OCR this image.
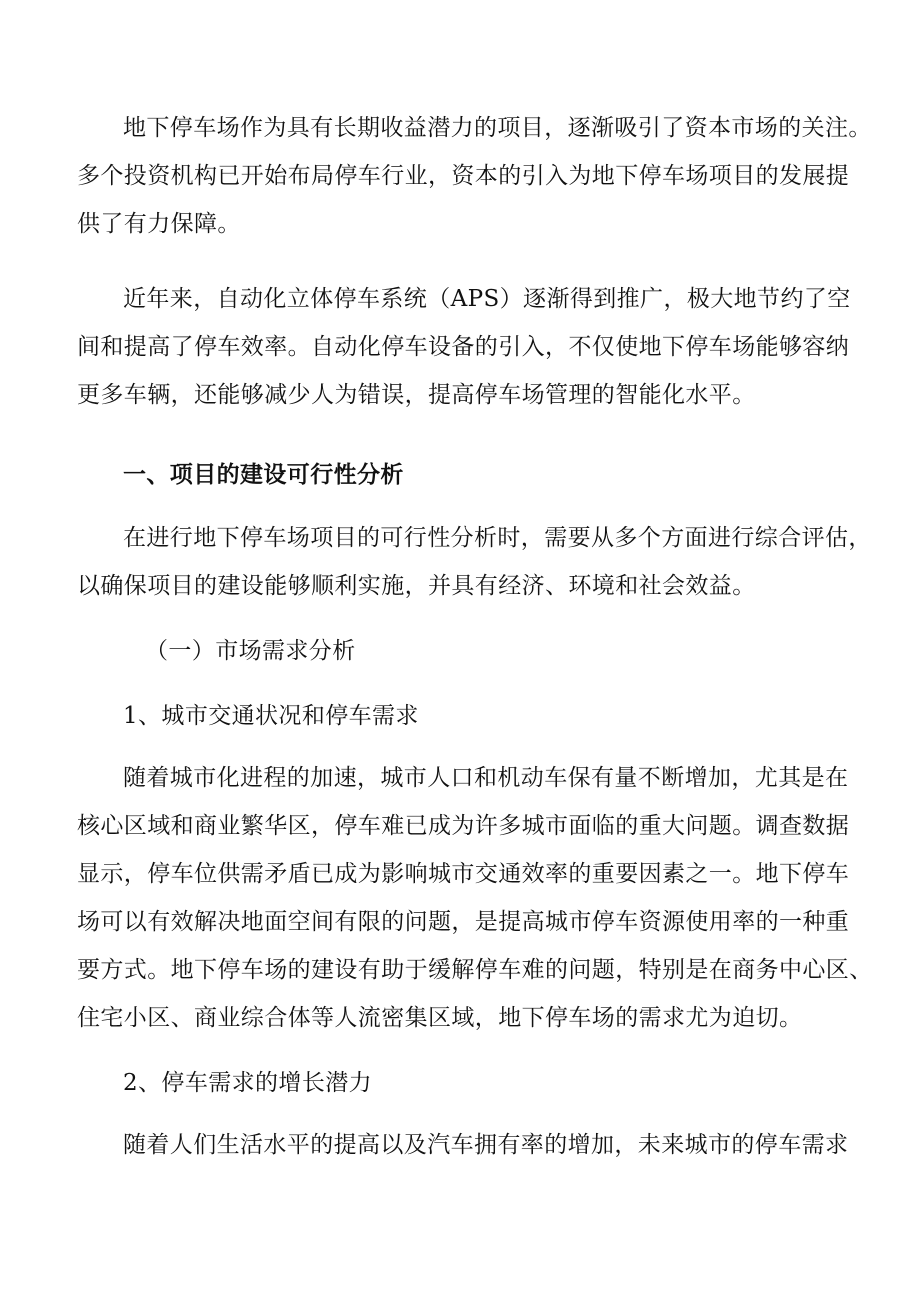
地下停车场作为具有长期收益潜力的项目，逐渐吸引了资本市场的关注。
多个投资机构已开始布局停车行业，资本的引入为地下停车场项目的发展提
供了有力保障。
近年来，自动化立体停车系统（APS）逐渐得到推广，极大地节约了空
间和提高了停车效率。自动化停车设备的引入，不仅使地下停车场能够容纳
更多车辆，还能够减少人为错误，提高停车场管理的智能化水平。
一、项目的建设可行性分析
在进行地下停车场项目的可行性分析时，需要从多个方面进行综合评估，
以确保项目的建设能够顺利实施，并具有经济、环境和社会效益。
（一）市场需求分析
1、城市交通状况和停车需求
随着城市化进程的加速，城市人口和机动车保有量不断增加，尤其是在
核心区域和商业繁华区，停车难已成为许多城市面临的重大问题。调查数据
显示，停车位供需矛盾已成为影响城市交通效率的重要因素之一。地下停车
场可以有效解决地面空间有限的问题，是提高城市停车资源使用率的一种重
要方式。地下停车场的建设有助于缓解停车难的问题，特别是在商务中心区、
住宅小区、商业综合体等人流密集区域，地下停车场的需求尤为迫切。
2、停车需求的增长潜力
随着人们生活水平的提高以及汽车拥有率的增加，未来城市的停车需求
